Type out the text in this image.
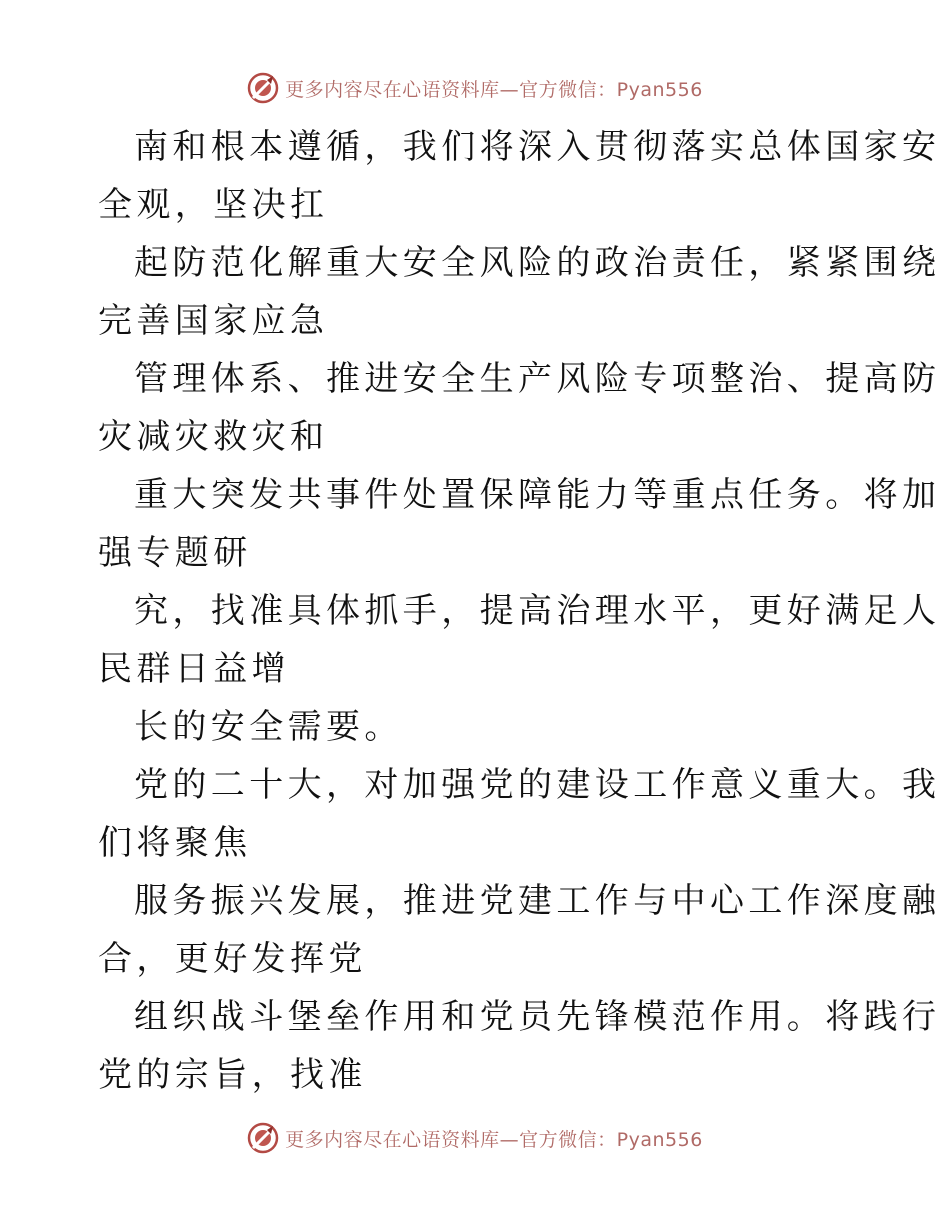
更多内容尽在心语资料库—官方微信：Pyan556
南和根本遵循，我们将深入贯彻落实总体国家安
全观，坚决扛
起防范化解重大安全风险的政治责任，紧紧围绕
完善国家应急
管理体系、推进安全生产风险专项整治、提高防
灾减灾救灾和
重大突发共事件处置保障能力等重点任务。将加
强专题研
究，找准具体抓手，提高治理水平，更好满足人
民群日益增
长的安全需要。
党的二十大，对加强党的建设工作意义重大。我
们将聚焦
服务振兴发展，推进党建工作与中心工作深度融
合，更好发挥党
组织战斗堡垒作用和党员先锋模范作用。将践行
党的宗旨，找准
更多内容尽在心语资料库—官方微信：Pyan556
